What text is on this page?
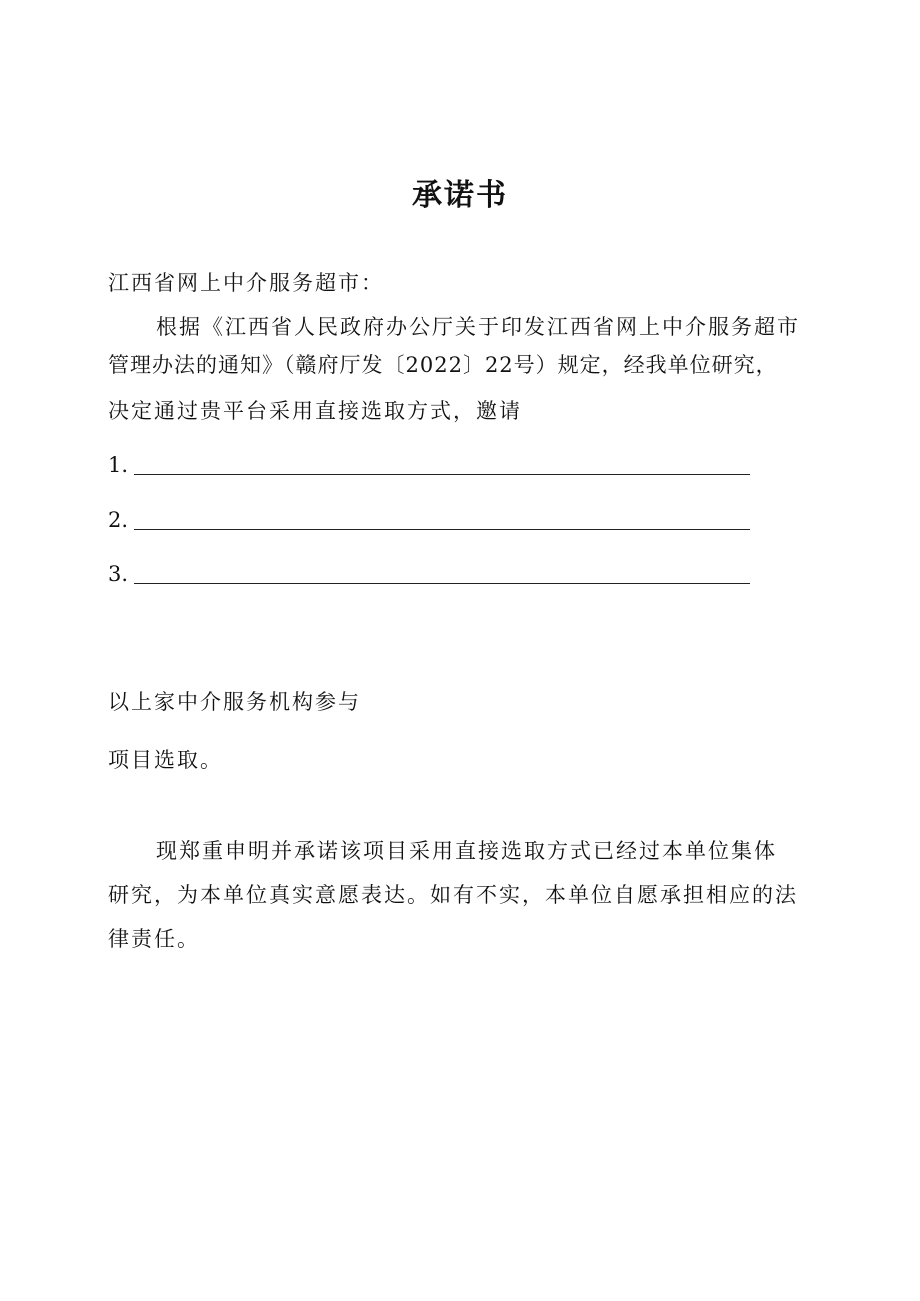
承诺书
江西省网上中介服务超市：
根据《江西省人民政府办公厅关于印发江西省网上中介服务超市
管理办法的通知》（赣府厅发〔2022〕22号）规定，经我单位研究，
决定通过贵平台采用直接选取方式，邀请
1.
2.
3.
以上家中介服务机构参与
项目选取。
现郑重申明并承诺该项目采用直接选取方式已经过本单位集体
研究，为本单位真实意愿表达。如有不实，本单位自愿承担相应的法
律责任。
